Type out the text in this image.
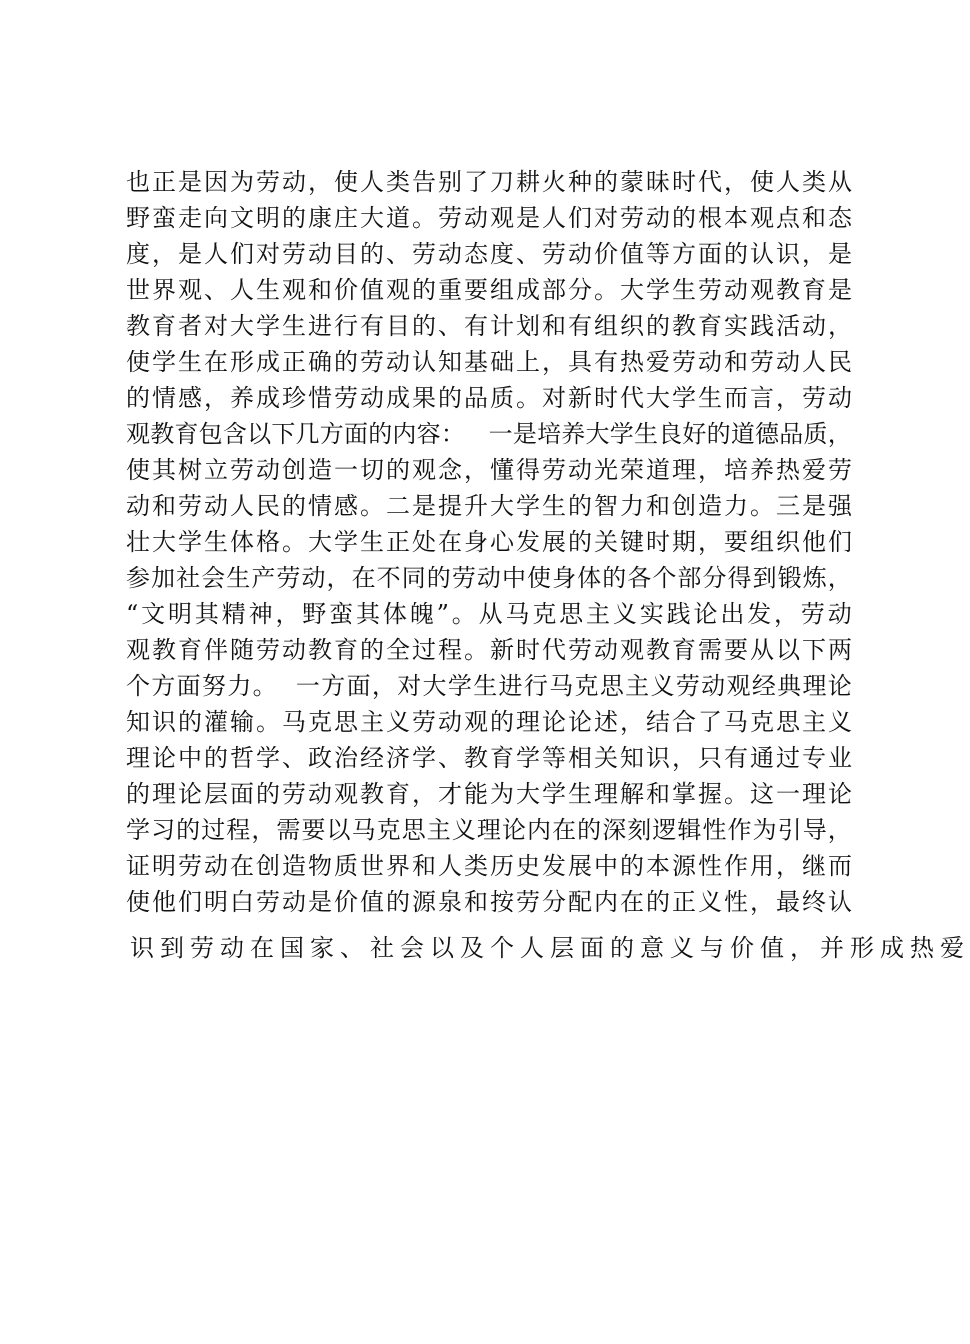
也 正 是 因 为 劳 动 ， 使 人 类 告 别 了 刀 耕 火 种 的 蒙 昧 时 代 ， 使 人 类 从
野 蛮 走 向 文 明 的 康 庄 大 道 。 劳 动 观 是 人 们 对 劳 动 的 根 本 观 点 和 态
度 ， 是 人 们 对 劳 动 目 的 、 劳 动 态 度 、 劳 动 价 值 等 方 面 的 认 识 ， 是
世 界 观 、 人 生 观 和 价 值 观 的 重 要 组 成 部 分 。 大 学 生 劳 动 观 教 育 是
教 育 者 对 大 学 生 进 行 有 目 的 、 有 计 划 和 有 组 织 的 教 育 实 践 活 动 ，
使 学 生 在 形 成 正 确 的 劳 动 认 知 基 础 上 ， 具 有 热 爱 劳 动 和 劳 动 人 民
的 情 感 ， 养 成 珍 惜 劳 动 成 果 的 品 质 。 对 新 时 代 大 学 生 而 言 ， 劳 动
观 教 育 包 含 以 下 几 方 面 的 内 容 ：

一 是 培 养 大 学 生 良 好 的 道 德 品 质 ，
使 其 树 立 劳 动 创 造 一 切 的 观 念 ， 懂 得 劳 动 光 荣 道 理 ， 培 养 热 爱 劳
动 和 劳 动 人 民 的 情 感 。 二 是 提 升 大 学 生 的 智 力 和 创 造 力 。 三 是 强
壮 大 学 生 体 格 。 大 学 生 正 处 在 身 心 发 展 的 关 键 时 期 ， 要 组 织 他 们
参 加 社 会 生 产 劳 动 ， 在 不 同 的 劳 动 中 使 身 体 的 各 个 部 分 得 到 锻 炼 ，
“ 文 明 其 精 神 ， 野 蛮 其 体 魄 ” 。 从 马 克 思 主 义 实 践 论 出 发 ， 劳 动
观 教 育 伴 随 劳 动 教 育 的 全 过 程 。 新 时 代 劳 动 观 教 育 需 要 从 以 下 两
个 方 面 努 力 。

一 方 面 ， 对 大 学 生 进 行 马 克 思 主 义 劳 动 观 经 典 理 论
知 识 的 灌 输 。 马 克 思 主 义 劳 动 观 的 理 论 论 述 ， 结 合 了 马 克 思 主 义
理 论 中 的 哲 学 、 政 治 经 济 学 、 教 育 学 等 相 关 知 识 ， 只 有 通 过 专 业
的 理 论 层 面 的 劳 动 观 教 育 ， 才 能 为 大 学 生 理 解 和 掌 握 。 这 一 理 论
学 习 的 过 程 ， 需 要 以 马 克 思 主 义 理 论 内 在 的 深 刻 逻 辑 性 作 为 引 导 ，
证 明 劳 动 在 创 造 物 质 世 界 和 人 类 历 史 发 展 中 的 本 源 性 作 用 ， 继 而
使 他 们 明 白 劳 动 是 价 值 的 源 泉 和 按 劳 分 配 内 在 的 正 义 性 ， 最 终 认
识到劳动在国家、社会以及个人层面的意义与价值，并形成热爱
